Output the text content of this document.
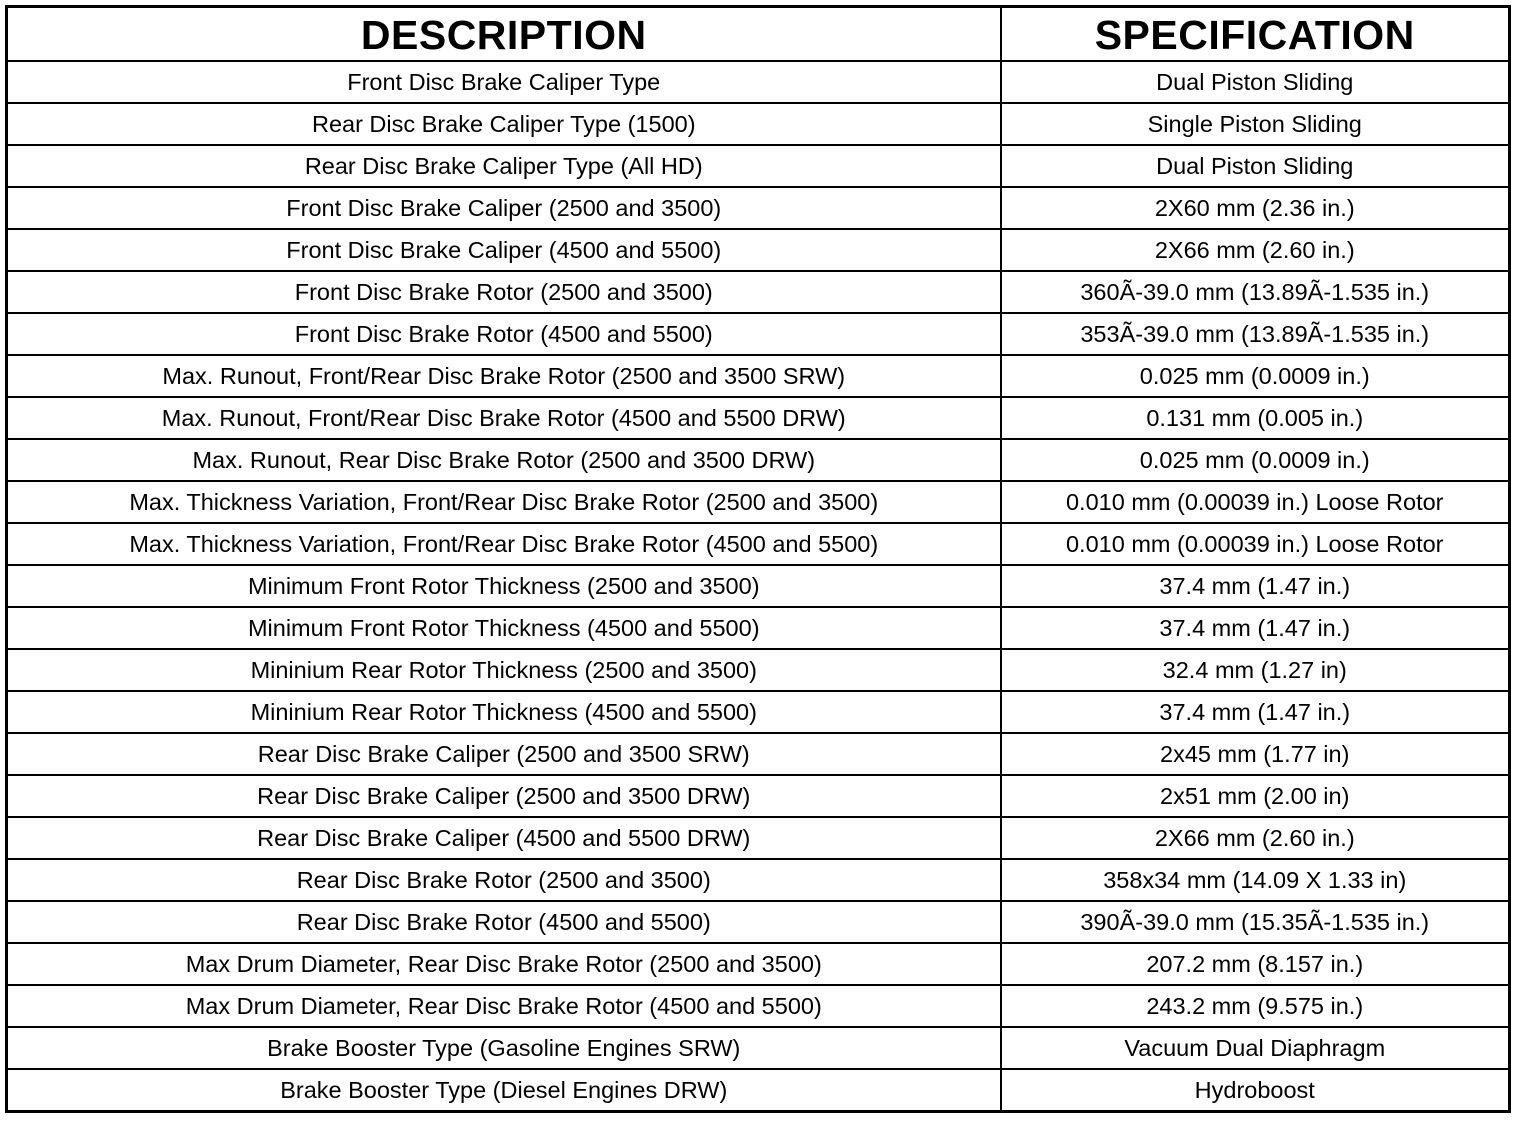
DESCRIPTION	SPECIFICATION
Front Disc Brake Caliper Type	Dual Piston Sliding
Rear Disc Brake Caliper Type (1500)	Single Piston Sliding
Rear Disc Brake Caliper Type (All HD)	Dual Piston Sliding
Front Disc Brake Caliper (2500 and 3500)	2X60 mm (2.36 in.)
Front Disc Brake Caliper (4500 and 5500)	2X66 mm (2.60 in.)
Front Disc Brake Rotor (2500 and 3500)	360Ã-39.0 mm (13.89Ã-1.535 in.)
Front Disc Brake Rotor (4500 and 5500)	353Ã-39.0 mm (13.89Ã-1.535 in.)
Max. Runout, Front/Rear Disc Brake Rotor (2500 and 3500 SRW)	0.025 mm (0.0009 in.)
Max. Runout, Front/Rear Disc Brake Rotor (4500 and 5500 DRW)	0.131 mm (0.005 in.)
Max. Runout, Rear Disc Brake Rotor (2500 and 3500 DRW)	0.025 mm (0.0009 in.)
Max. Thickness Variation, Front/Rear Disc Brake Rotor (2500 and 3500)	0.010 mm (0.00039 in.) Loose Rotor
Max. Thickness Variation, Front/Rear Disc Brake Rotor (4500 and 5500)	0.010 mm (0.00039 in.) Loose Rotor
Minimum Front Rotor Thickness (2500 and 3500)	37.4 mm (1.47 in.)
Minimum Front Rotor Thickness (4500 and 5500)	37.4 mm (1.47 in.)
Mininium Rear Rotor Thickness (2500 and 3500)	32.4 mm (1.27 in)
Mininium Rear Rotor Thickness (4500 and 5500)	37.4 mm (1.47 in.)
Rear Disc Brake Caliper (2500 and 3500 SRW)	2x45 mm (1.77 in)
Rear Disc Brake Caliper (2500 and 3500 DRW)	2x51 mm (2.00 in)
Rear Disc Brake Caliper (4500 and 5500 DRW)	2X66 mm (2.60 in.)
Rear Disc Brake Rotor (2500 and 3500)	358x34 mm (14.09 X 1.33 in)
Rear Disc Brake Rotor (4500 and 5500)	390Ã-39.0 mm (15.35Ã-1.535 in.)
Max Drum Diameter, Rear Disc Brake Rotor (2500 and 3500)	207.2 mm (8.157 in.)
Max Drum Diameter, Rear Disc Brake Rotor (4500 and 5500)	243.2 mm (9.575 in.)
Brake Booster Type (Gasoline Engines SRW)	Vacuum Dual Diaphragm
Brake Booster Type (Diesel Engines DRW)	Hydroboost
